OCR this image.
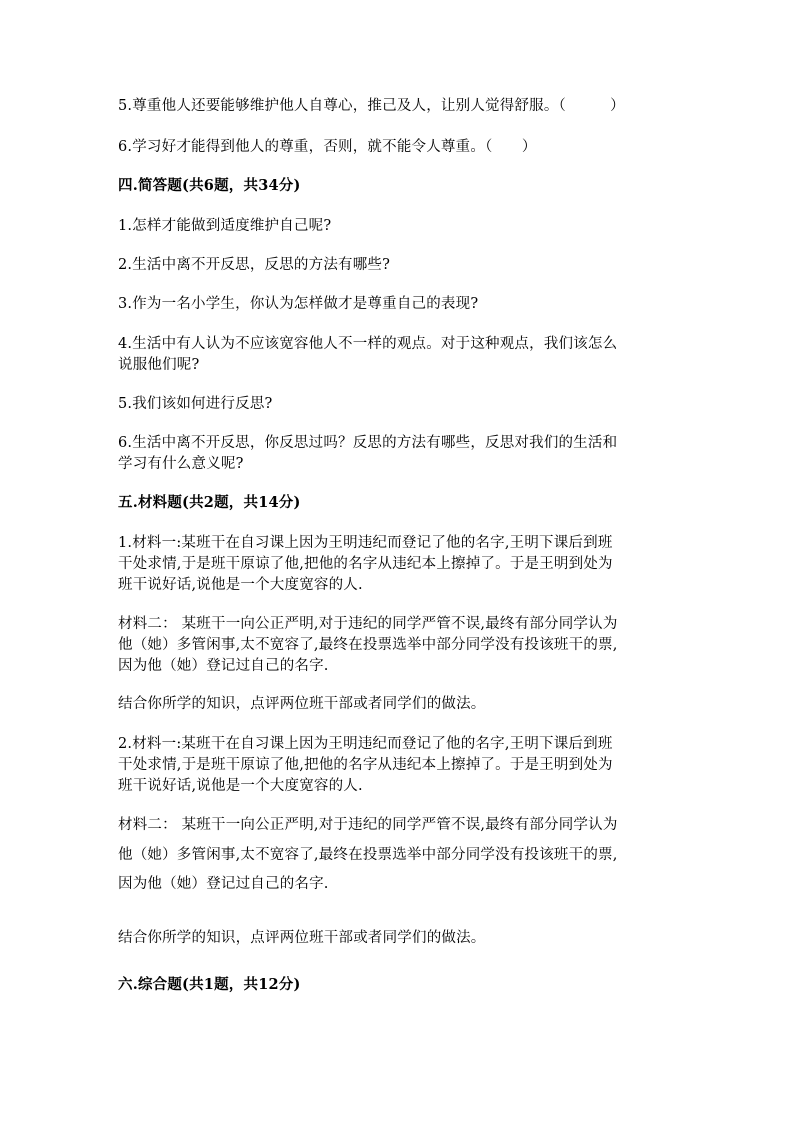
5.尊重他人还要能够维护他人自尊心，推己及人，让别人觉得舒服。（　　　）
6.学习好才能得到他人的尊重，否则，就不能令人尊重。（　　）
四.简答题(共6题，共34分)
1.怎样才能做到适度维护自己呢?
2.生活中离不开反思，反思的方法有哪些?
3.作为一名小学生，你认为怎样做才是尊重自己的表现?
4.生活中有人认为不应该宽容他人不一样的观点。对于这种观点，我们该怎么
说服他们呢?
5.我们该如何进行反思?
6.生活中离不开反思，你反思过吗？反思的方法有哪些，反思对我们的生活和
学习有什么意义呢?
五.材料题(共2题，共14分)
1.材料一:某班干在自习课上因为王明违纪而登记了他的名字,王明下课后到班
干处求情,于是班干原谅了他,把他的名字从违纪本上擦掉了。于是王明到处为
班干说好话,说他是一个大度宽容的人.
材料二： 某班干一向公正严明,对于违纪的同学严管不误,最终有部分同学认为
他（她）多管闲事,太不宽容了,最终在投票选举中部分同学没有投该班干的票,
因为他（她）登记过自己的名字.
结合你所学的知识，点评两位班干部或者同学们的做法。
2.材料一:某班干在自习课上因为王明违纪而登记了他的名字,王明下课后到班
干处求情,于是班干原谅了他,把他的名字从违纪本上擦掉了。于是王明到处为
班干说好话,说他是一个大度宽容的人.
材料二： 某班干一向公正严明,对于违纪的同学严管不误,最终有部分同学认为
他（她）多管闲事,太不宽容了,最终在投票选举中部分同学没有投该班干的票,
因为他（她）登记过自己的名字.
结合你所学的知识，点评两位班干部或者同学们的做法。
六.综合题(共1题，共12分)
